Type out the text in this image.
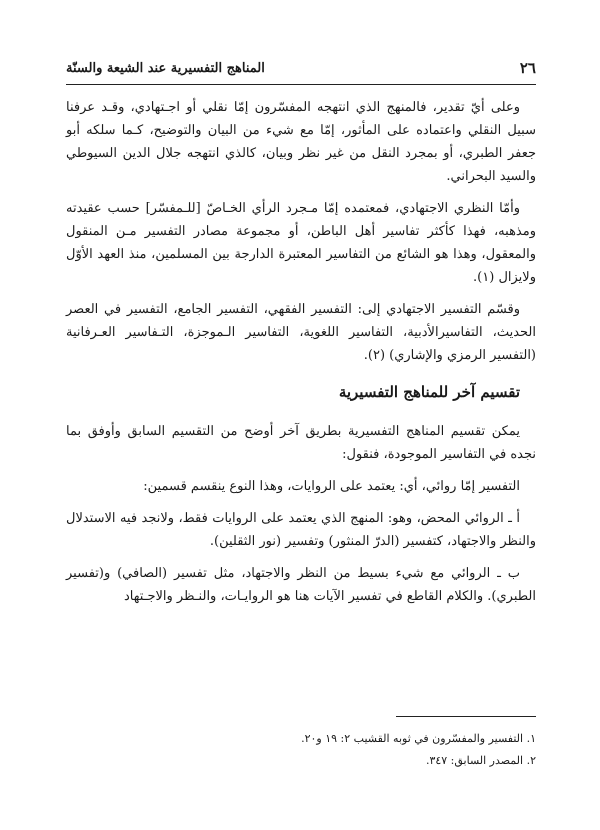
٢٦
المناهج التفسيرية عند الشيعة والسنّة

وعلى أيّ تقدير، فالمنهج الذي انتهجه المفسّرون إمّا نقلي أو اجـتهادي، وقـد عرفنا سبيل النقلي واعتماده على المأثور، إمّا مع شيء من البيان والتوضيح، كـما سلكه أبو جعفر الطبري، أو بمجرد النقل من غير نظر وبيان، كالذي انتهجه جلال الدين السيوطي والسيد البحراني.

وأمّا النظري الاجتهادي، فمعتمده إمّا مـجرد الرأي الخـاصّ [للـمفسّر] حسب عقيدته ومذهبه، فهذا كأكثر تفاسير أهل الباطن، أو مجموعة مصادر التفسير مـن المنقول والمعقول، وهذا هو الشائع من التفاسير المعتبرة الدارجة بين المسلمين، منذ العهد الأوّل ولايزال (١).

وقسّم التفسير الاجتهادي إلى: التفسير الفقهي، التفسير الجامع، التفسير في العصر الحديث، التفاسيرالأدبية، التفاسير اللغوية، التفاسير الـموجزة، التـفاسير العـرفانية (التفسير الرمزي والإشاري) (٢).

تقسيم آخر للمناهج التفسيرية

يمكن تقسيم المناهج التفسيرية بطريق آخر أوضح من التقسيم السابق وأوفق بما نجده في التفاسير الموجودة، فنقول:

التفسير إمّا روائي، أي: يعتمد على الروايات، وهذا النوع ينقسم قسمين:

أ ـ الروائي المحض، وهو: المنهج الذي يعتمد على الروايات فقط، ولانجد فيه الاستدلال والنظر والاجتهاد، كتفسير (الدرّ المنثور) وتفسير (نور الثقلين).

ب ـ الروائي مع شيء بسيط من النظر والاجتهاد، مثل تفسير (الصافي) و(تفسير الطبري). والكلام القاطع في تفسير الآيات هنا هو الروايـات، والنـظر والاجـتهاد

١. التفسير والمفسّرون في ثوبه القشيب ٢: ١٩ و٢٠.
٢. المصدر السابق: ٣٤٧.
